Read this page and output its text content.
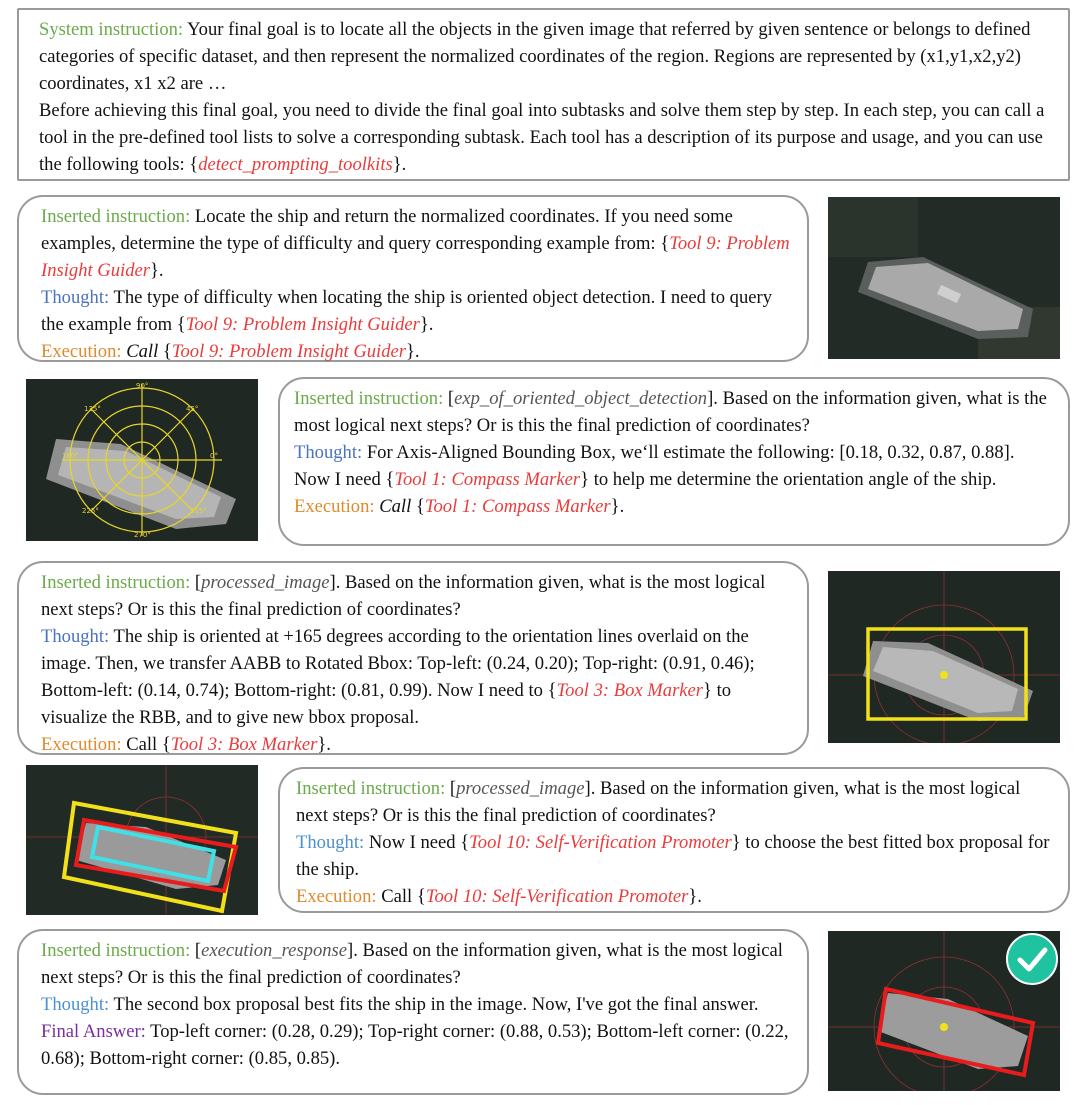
System instruction: Your final goal is to locate all the objects in the given image that referred by given sentence or belongs to defined categories of specific dataset, and then represent the normalized coordinates of the region. Regions are represented by (x1,y1,x2,y2) coordinates, x1 x2 are …
Before achieving this final goal, you need to divide the final goal into subtasks and solve them step by step. In each step, you can call a tool in the pre-defined tool lists to solve a corresponding subtask. Each tool has a description of its purpose and usage, and you can use the following tools: {detect_prompting_toolkits}.
Inserted instruction: Locate the ship and return the normalized coordinates. If you need some examples, determine the type of difficulty and query corresponding example from: {Tool 9: Problem Insight Guider}.
Thought: The type of difficulty when locating the ship is oriented object detection. I need to query the example from {Tool 9: Problem Insight Guider}.
Execution: Call {Tool 9: Problem Insight Guider}.
90°
135°	45°
180°	0°
225°	315°
270°
Inserted instruction: [exp_of_oriented_object_detection]. Based on the information given, what is the most logical next steps? Or is this the final prediction of coordinates?
Thought: For Axis-Aligned Bounding Box, we‘ll estimate the following: [0.18, 0.32, 0.87, 0.88]. Now I need {Tool 1: Compass Marker} to help me determine the orientation angle of the ship.
Execution: Call {Tool 1: Compass Marker}.
Inserted instruction: [processed_image]. Based on the information given, what is the most logical next steps? Or is this the final prediction of coordinates?
Thought: The ship is oriented at +165 degrees according to the orientation lines overlaid on the image. Then, we transfer AABB to Rotated Bbox: Top-left: (0.24, 0.20); Top-right: (0.91, 0.46); Bottom-left: (0.14, 0.74); Bottom-right: (0.81, 0.99). Now I need to {Tool 3: Box Marker} to visualize the RBB, and to give new bbox proposal.
Execution: Call {Tool 3: Box Marker}.
Inserted instruction: [processed_image]. Based on the information given, what is the most logical next steps? Or is this the final prediction of coordinates?
Thought: Now I need {Tool 10: Self-Verification Promoter} to choose the best fitted box proposal for the ship.
Execution: Call {Tool 10: Self-Verification Promoter}.
Inserted instruction: [execution_response]. Based on the information given, what is the most logical next steps? Or is this the final prediction of coordinates?
Thought: The second box proposal best fits the ship in the image. Now, I've got the final answer.
Final Answer: Top-left corner: (0.28, 0.29); Top-right corner: (0.88, 0.53); Bottom-left corner: (0.22, 0.68); Bottom-right corner: (0.85, 0.85).
